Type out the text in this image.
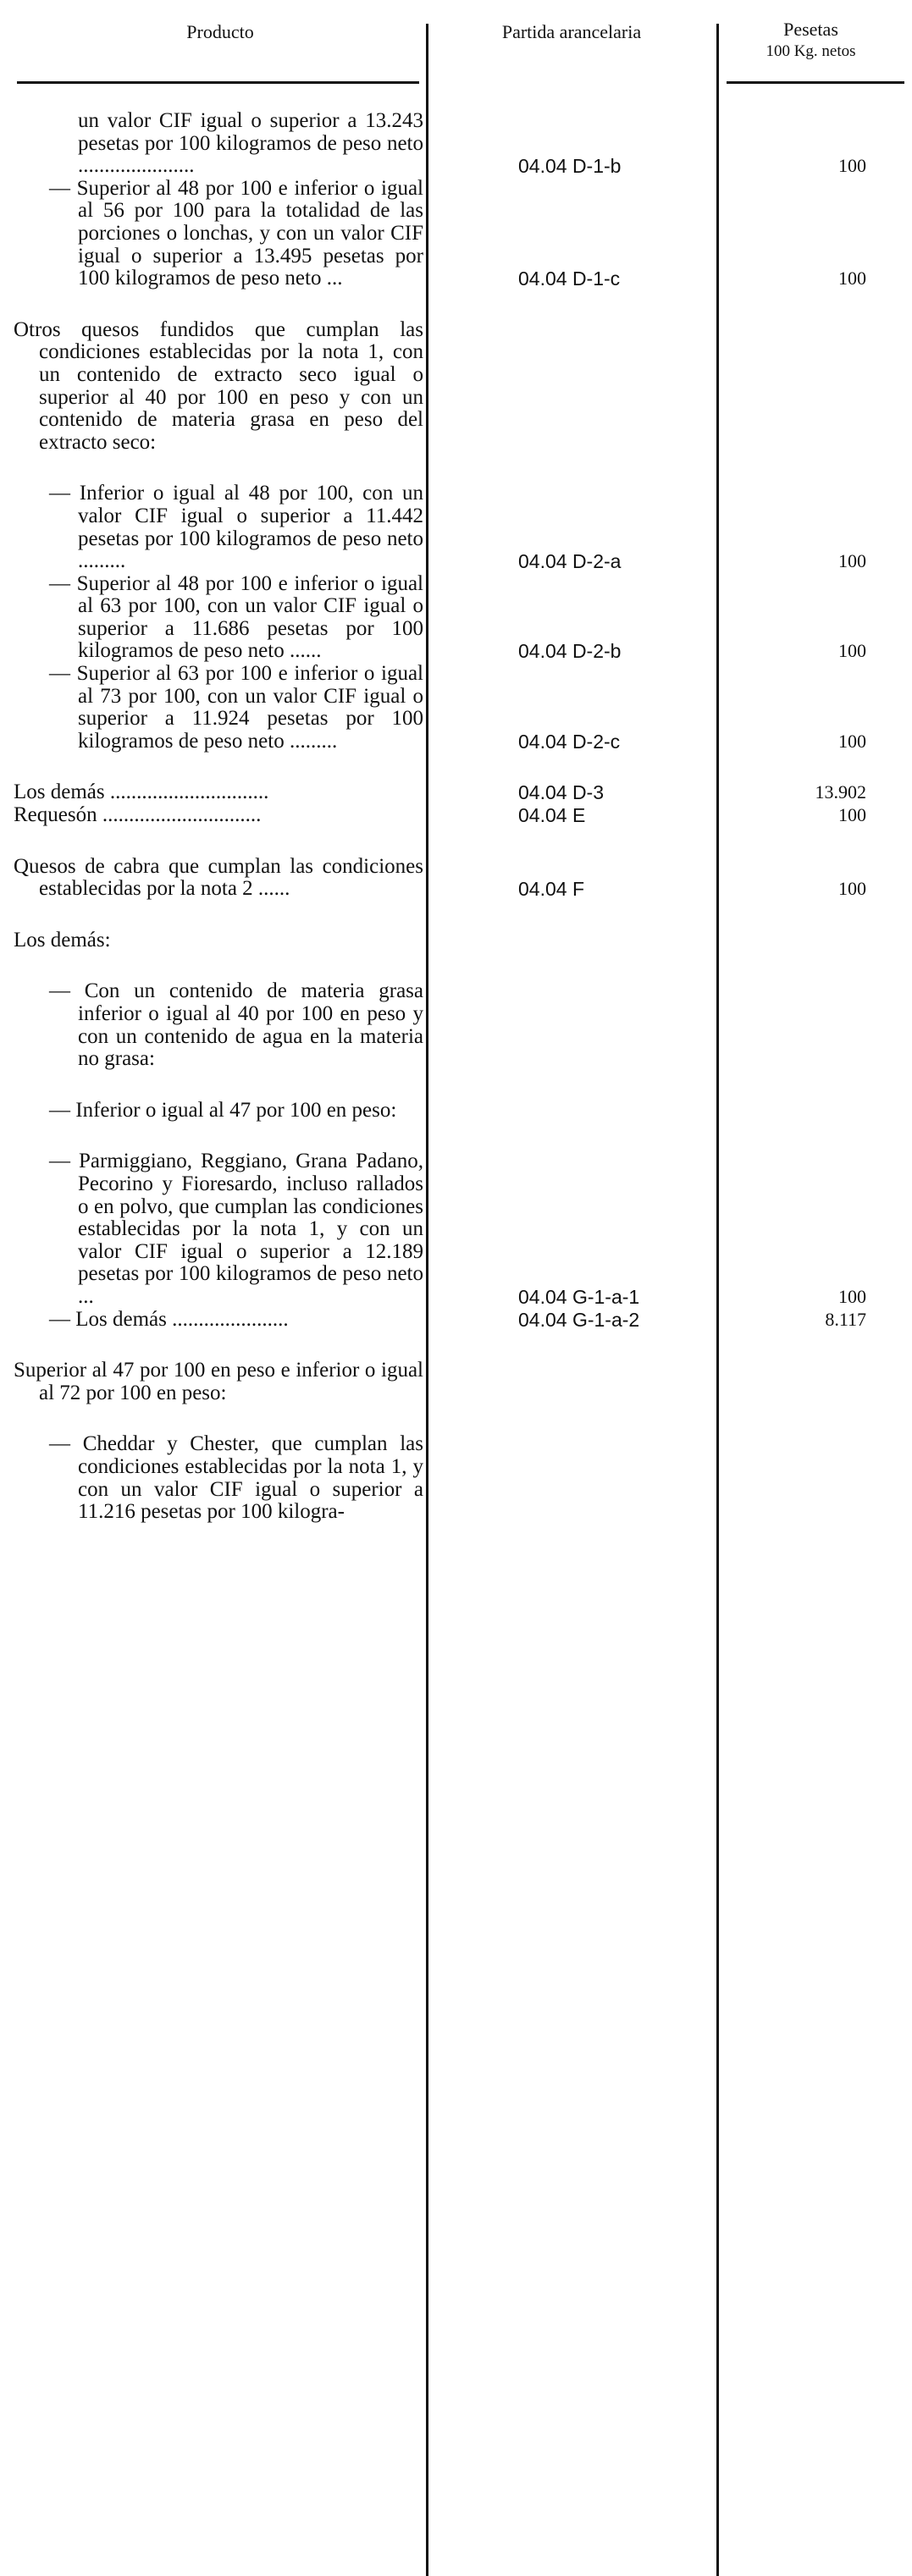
Producto	Partida arancelaria	Pesetas
100 Kg. netos
un valor CIF igual o superior a 13.243 pesetas por 100 kilogramos de peso neto ......................	04.04 D-1-b	100
— Superior al 48 por 100 e inferior o igual al 56 por 100 para la totalidad de las porciones o lonchas, y con un valor CIF igual o superior a 13.495 pesetas por 100 kilogramos de peso neto ...	04.04 D-1-c	100
Otros quesos fundidos que cumplan las condiciones establecidas por la nota 1, con un contenido de extracto seco igual o superior al 40 por 100 en peso y con un contenido de materia grasa en peso del extracto seco:
— Inferior o igual al 48 por 100, con un valor CIF igual o superior a 11.442 pesetas por 100 kilogramos de peso neto .........	04.04 D-2-a	100
— Superior al 48 por 100 e inferior o igual al 63 por 100, con un valor CIF igual o superior a 11.686 pesetas por 100 kilogramos de peso neto ......	04.04 D-2-b	100
— Superior al 63 por 100 e inferior o igual al 73 por 100, con un valor CIF igual o superior a 11.924 pesetas por 100 kilogramos de peso neto .........	04.04 D-2-c	100
Los demás ..............................	04.04 D-3	13.902
Requesón ..............................	04.04 E	100
Quesos de cabra que cumplan las condiciones establecidas por la nota 2 ......	04.04 F	100
Los demás:
— Con un contenido de materia grasa inferior o igual al 40 por 100 en peso y con un contenido de agua en la materia no grasa:
— Inferior o igual al 47 por 100 en peso:
— Parmiggiano, Reggiano, Grana Padano, Pecorino y Fioresardo, incluso rallados o en polvo, que cumplan las condiciones establecidas por la nota 1, y con un valor CIF igual o superior a 12.189 pesetas por 100 kilogramos de peso neto ...	04.04 G-1-a-1	100
— Los demás ......................	04.04 G-1-a-2	8.117
Superior al 47 por 100 en peso e inferior o igual al 72 por 100 en peso:
— Cheddar y Chester, que cumplan las condiciones establecidas por la nota 1, y con un valor CIF igual o superior a 11.216 pesetas por 100 kilogra-
